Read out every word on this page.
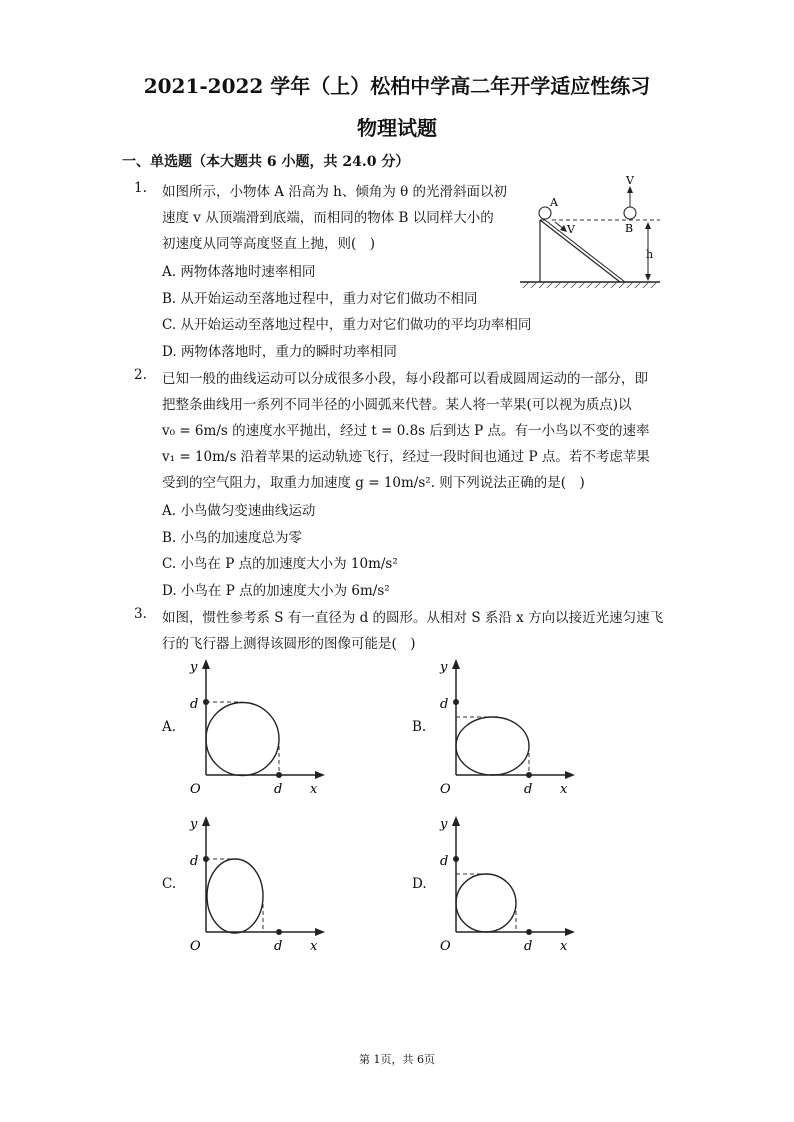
2021-2022 学年（上）松柏中学高二年开学适应性练习
物理试题
一、单选题（本大题共 6 小题，共 24.0 分）
1. 如图所示，小物体 A 沿高为 h、倾角为 θ 的光滑斜面以初
速度 v 从顶端滑到底端，而相同的物体 B 以同样大小的
初速度从同等高度竖直上抛，则(　)
A. 两物体落地时速率相同
B. 从开始运动至落地过程中，重力对它们做功不相同
C. 从开始运动至落地过程中，重力对它们做功的平均功率相同
D. 两物体落地时，重力的瞬时功率相同
A
V	B
V
h
2. 已知一般的曲线运动可以分成很多小段，每小段都可以看成圆周运动的一部分，即
把整条曲线用一系列不同半径的小圆弧来代替。某人将一苹果(可以视为质点)以
v₀ = 6m/s 的速度水平抛出，经过 t = 0.8s 后到达 P 点。有一小鸟以不变的速率
v₁ = 10m/s 沿着苹果的运动轨迹飞行，经过一段时间也通过 P 点。若不考虑苹果
受到的空气阻力，取重力加速度 g = 10m/s². 则下列说法正确的是(　)
A. 小鸟做匀变速曲线运动
B. 小鸟的加速度总为零
C. 小鸟在 P 点的加速度大小为 10m/s²
D. 小鸟在 P 点的加速度大小为 6m/s²
3. 如图，惯性参考系 S 有一直径为 d 的圆形。从相对 S 系沿 x 方向以接近光速匀速飞
行的飞行器上测得该圆形的图像可能是(　)
A.	B.
C.	D.
y
x
O
d
d
y
x
O
d
d
y
x
O
d
d
y
x
O
d
d
第 1页，共 6页
